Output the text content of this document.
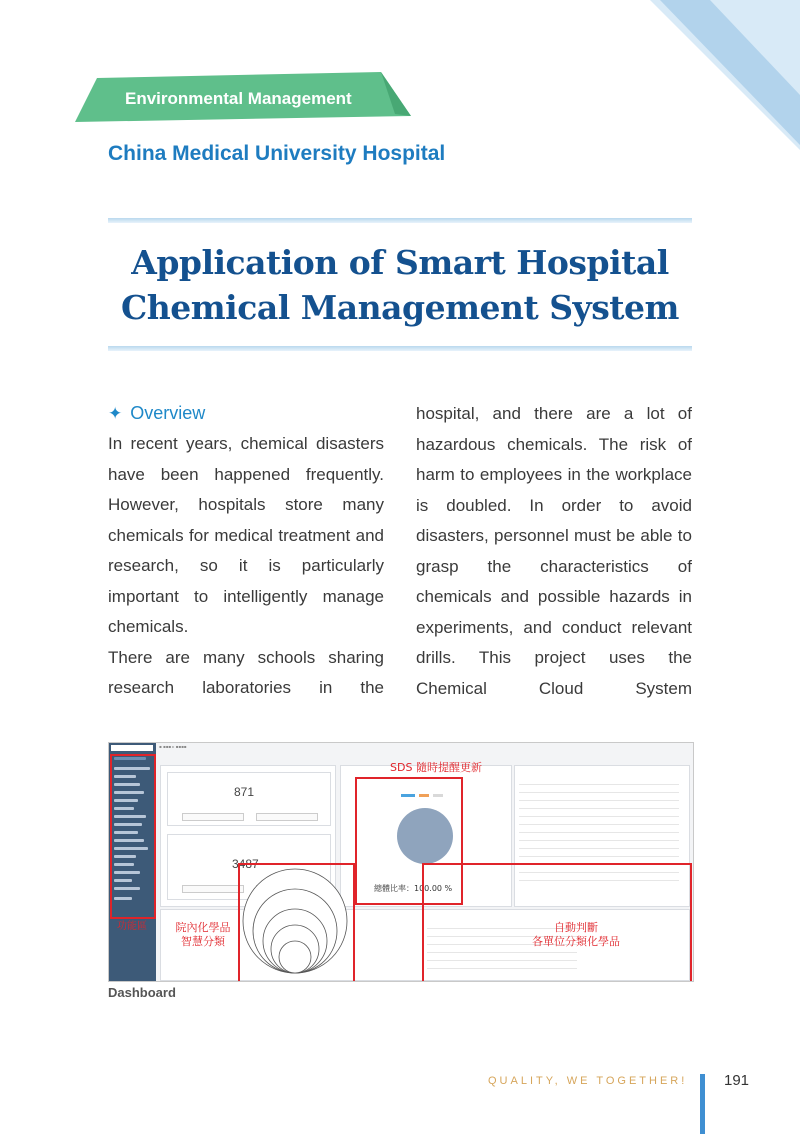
Environmental Management
China Medical University Hospital
Application of Smart Hospital
Chemical Management System
✦ Overview

In recent years, chemical disasters have been happened frequently. However, hospitals store many chemicals for medical treatment and research, so it is particularly important to intelligently manage chemicals.

There are many schools sharing research laboratories in the

hospital, and there are a lot of hazardous chemicals. The risk of harm to employees in the workplace is doubled. In order to avoid disasters, personnel must be able to grasp the characteristics of chemicals and possible hazards in experiments, and conduct relevant drills. This project uses the Chemical Cloud System

功能區
▪ ▪▪▪ ▸ ▪▪▪▪
871
3487
SDS 隨時提醒更新
總體比率：100.00 %
院內化學品
智慧分類
自動判斷
各單位分類化學品
Dashboard
QUALITY, WE TOGETHER! 191
